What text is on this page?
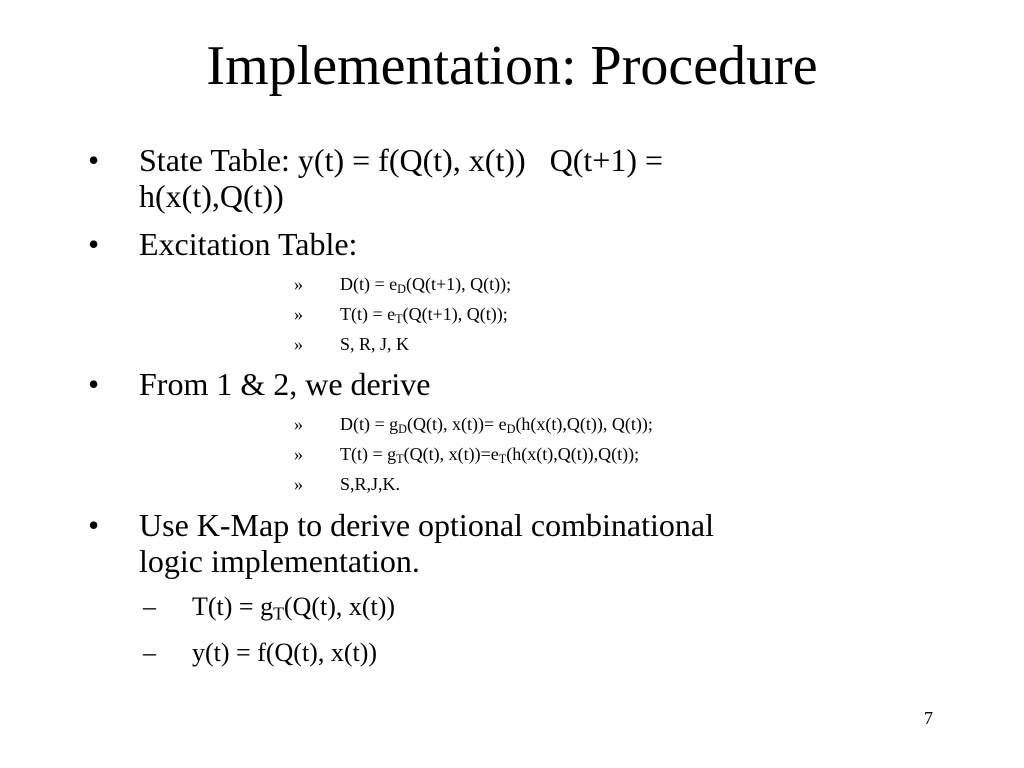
Implementation: Procedure
• State Table: y(t) = f(Q(t), x(t))   Q(t+1) =
h(x(t),Q(t))
• Excitation Table:
» $D(t) = e_D(Q(t+1)$, Q(t));
» $T(t) = e_T(Q(t+1)$, Q(t));
» S, R, J, K
• From 1 & 2, we derive
» $D(t) = g_D(Q(t)$, $x(t))= e_D(h(x(t),Q(t))$, Q(t));
» $T(t) = g_T(Q(t)$, $x(t))=e_T(h(x(t),Q(t)),Q(t))$;
» S,R,J,K.
• Use K-Map to derive optional combinational
logic implementation.
– $T(t) = g_T(Q(t)$, x(t))
– y(t) = f(Q(t), x(t))
7
